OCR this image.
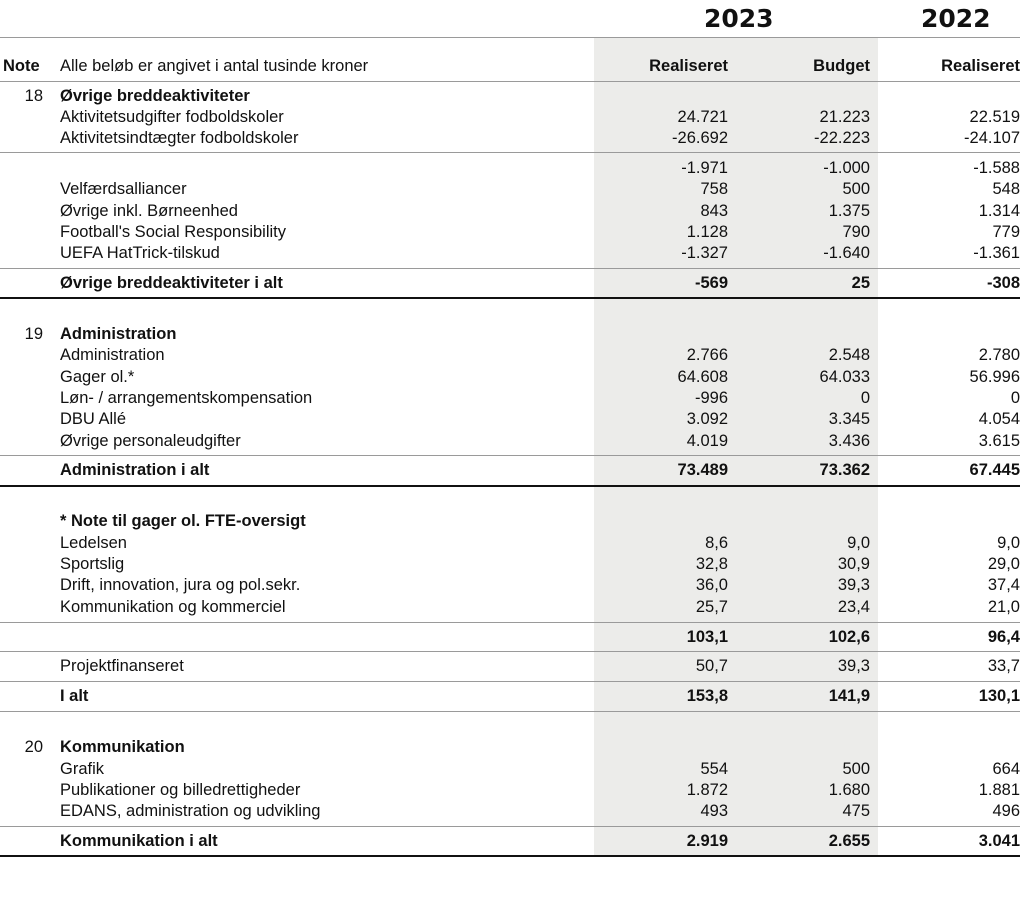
2023	2022
Note Alle beløb er angivet i antal tusinde kroner	Realiseret	Budget	Realiseret
18 Øvrige breddeaktiviteter
Aktivitetsudgifter fodboldskoler	24.721	21.223	22.519
Aktivitetsindtægter fodboldskoler	-26.692	-22.223	-24.107
-1.971	-1.000	-1.588
Velfærdsalliancer	758	500	548
Øvrige inkl. Børneenhed	843	1.375	1.314
Football's Social Responsibility	1.128	790	779
UEFA HatTrick-tilskud	-1.327	-1.640	-1.361
Øvrige breddeaktiviteter i alt	-569	25	-308
19 Administration
Administration	2.766	2.548	2.780
Gager ol.*	64.608	64.033	56.996
Løn- / arrangementskompensation	-996	0	0
DBU Allé	3.092	3.345	4.054
Øvrige personaleudgifter	4.019	3.436	3.615
Administration i alt	73.489	73.362	67.445
* Note til gager ol. FTE-oversigt
Ledelsen	8,6	9,0	9,0
Sportslig	32,8	30,9	29,0
Drift, innovation, jura og pol.sekr.	36,0	39,3	37,4
Kommunikation og kommerciel	25,7	23,4	21,0
103,1	102,6	96,4
Projektfinanseret	50,7	39,3	33,7
I alt	153,8	141,9	130,1
20 Kommunikation
Grafik	554	500	664
Publikationer og billedrettigheder	1.872	1.680	1.881
EDANS, administration og udvikling	493	475	496
Kommunikation i alt	2.919	2.655	3.041
